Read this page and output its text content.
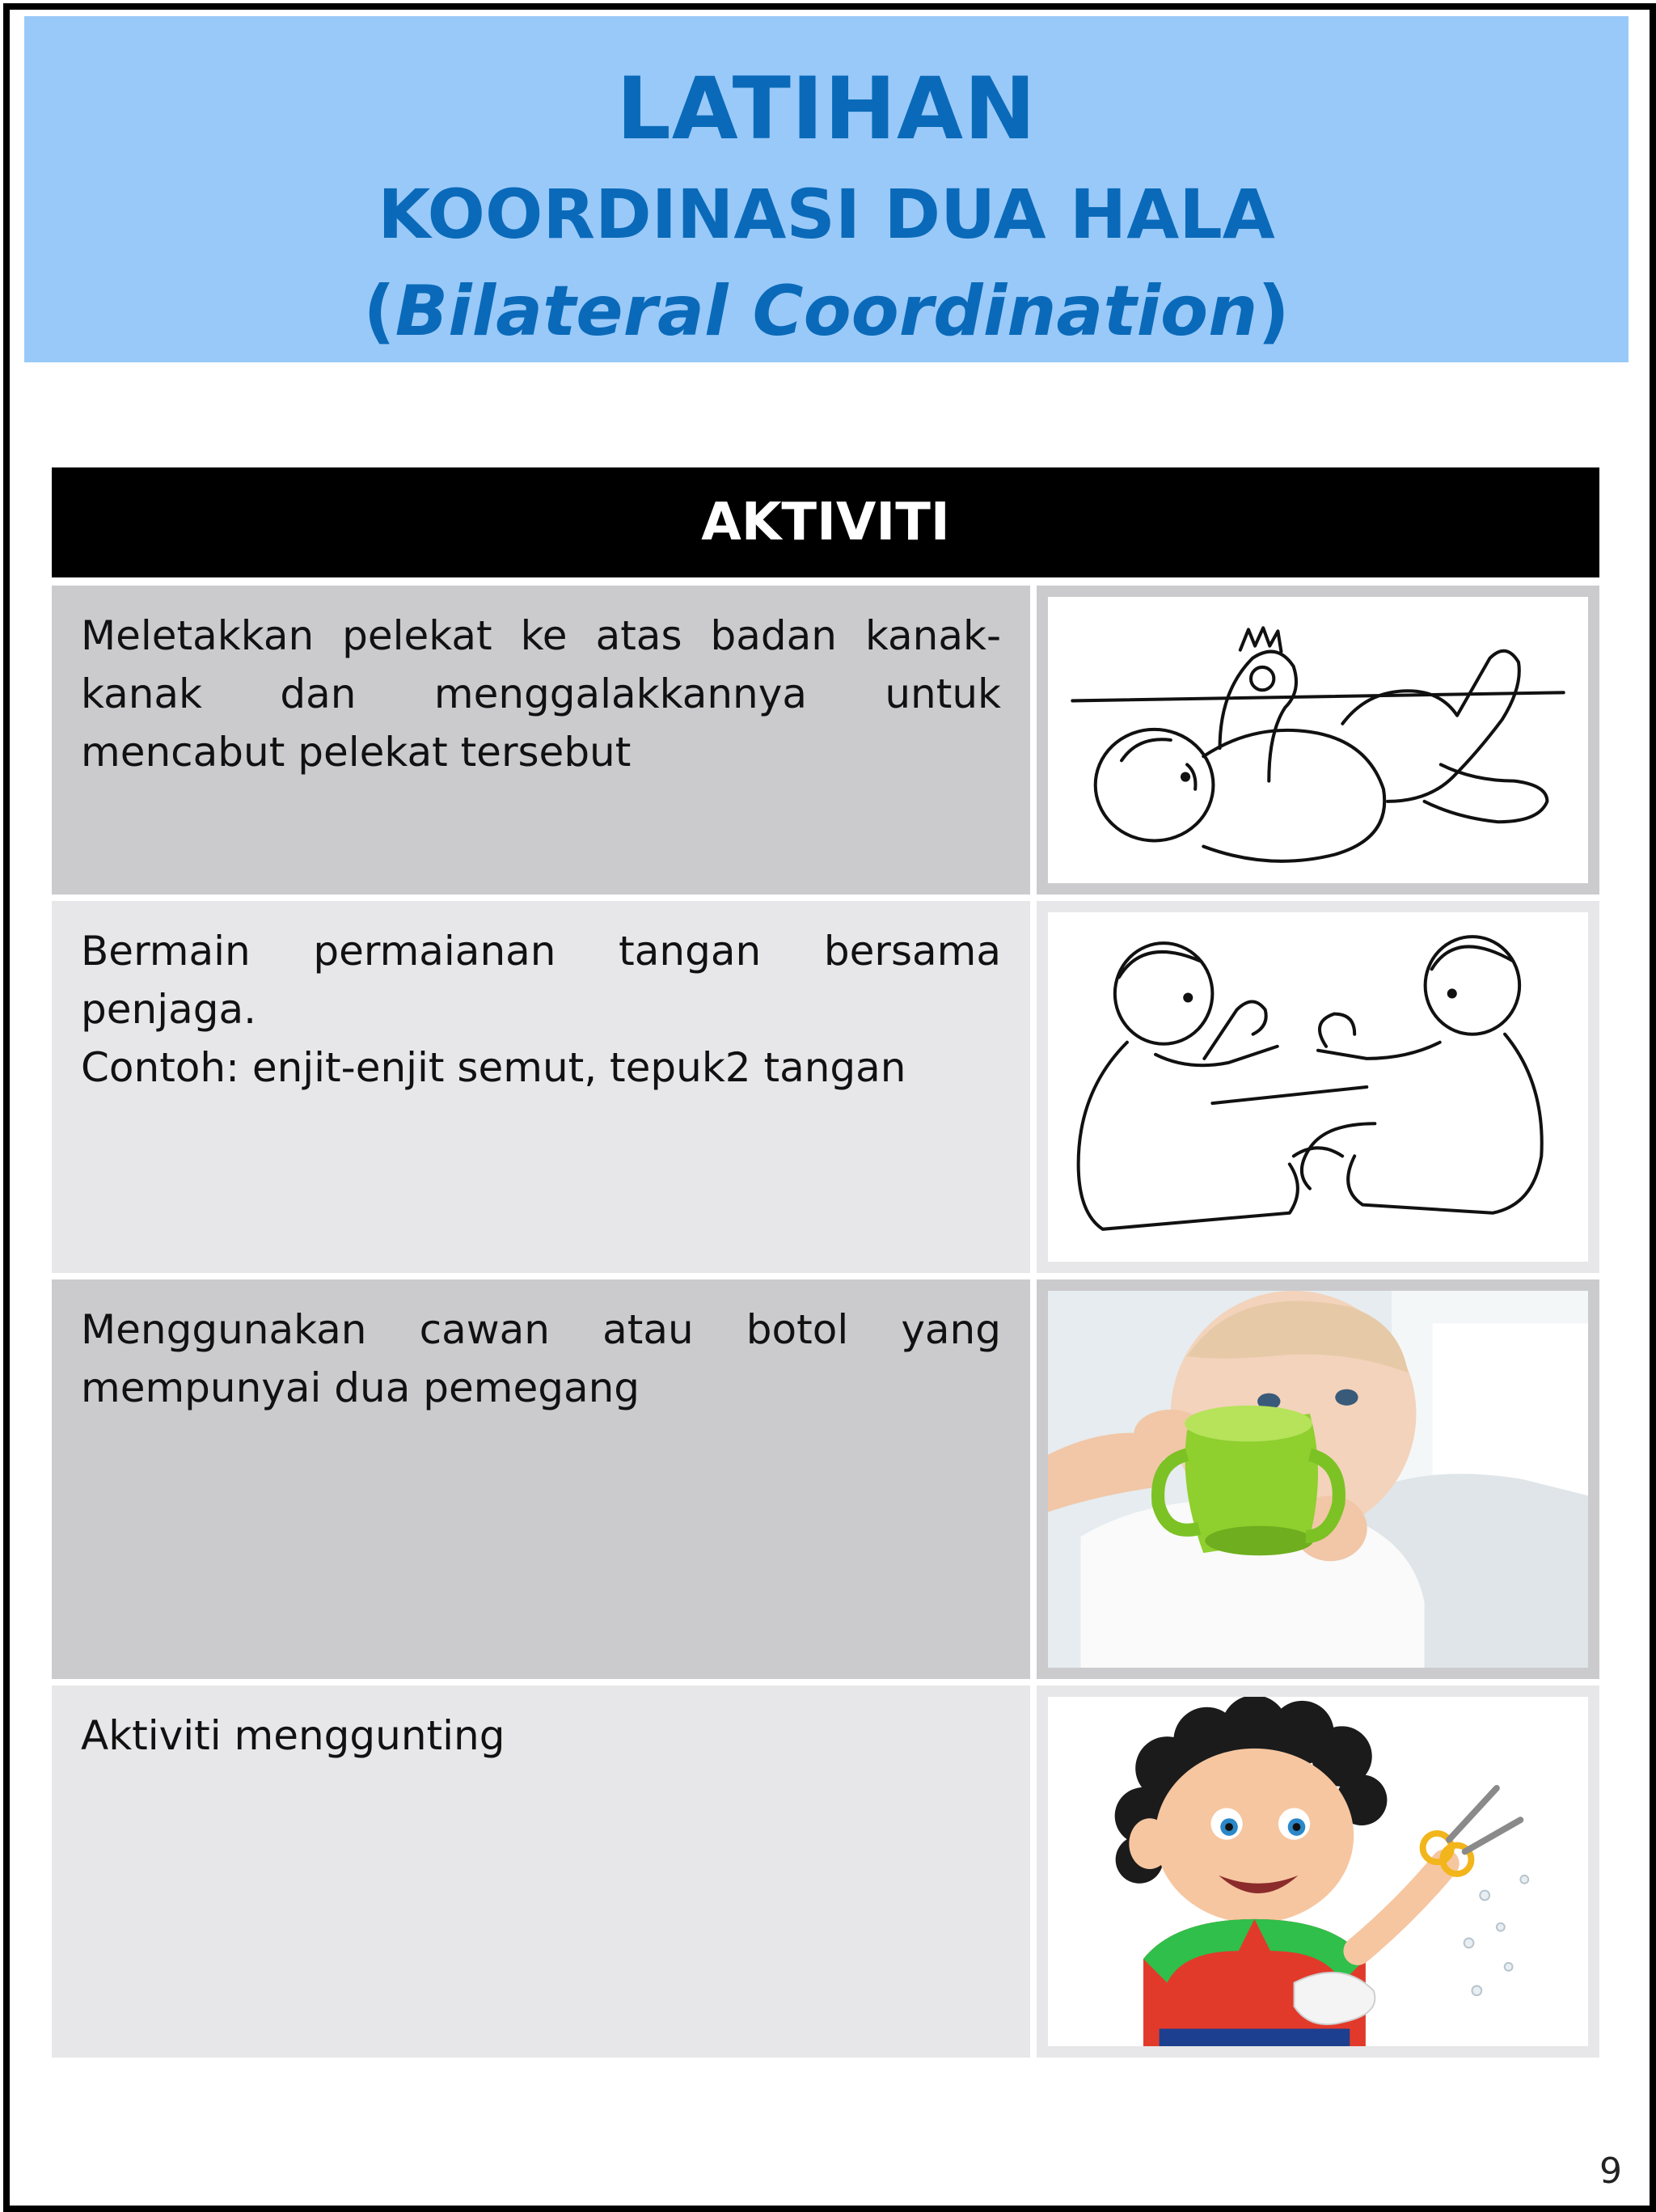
LATIHAN
KOORDINASI DUA HALA
(Bilateral Coordination)
AKTIVITI
Meletakkan pelekat ke atas badan kanak-kanak dan menggalakkannya untuk mencabut pelekat tersebut
Bermain permaianan tangan bersama penjaga.
Contoh: enjit-enjit semut, tepuk2 tangan
Menggunakan cawan atau botol yang mempunyai dua pemegang
Aktiviti menggunting
9
